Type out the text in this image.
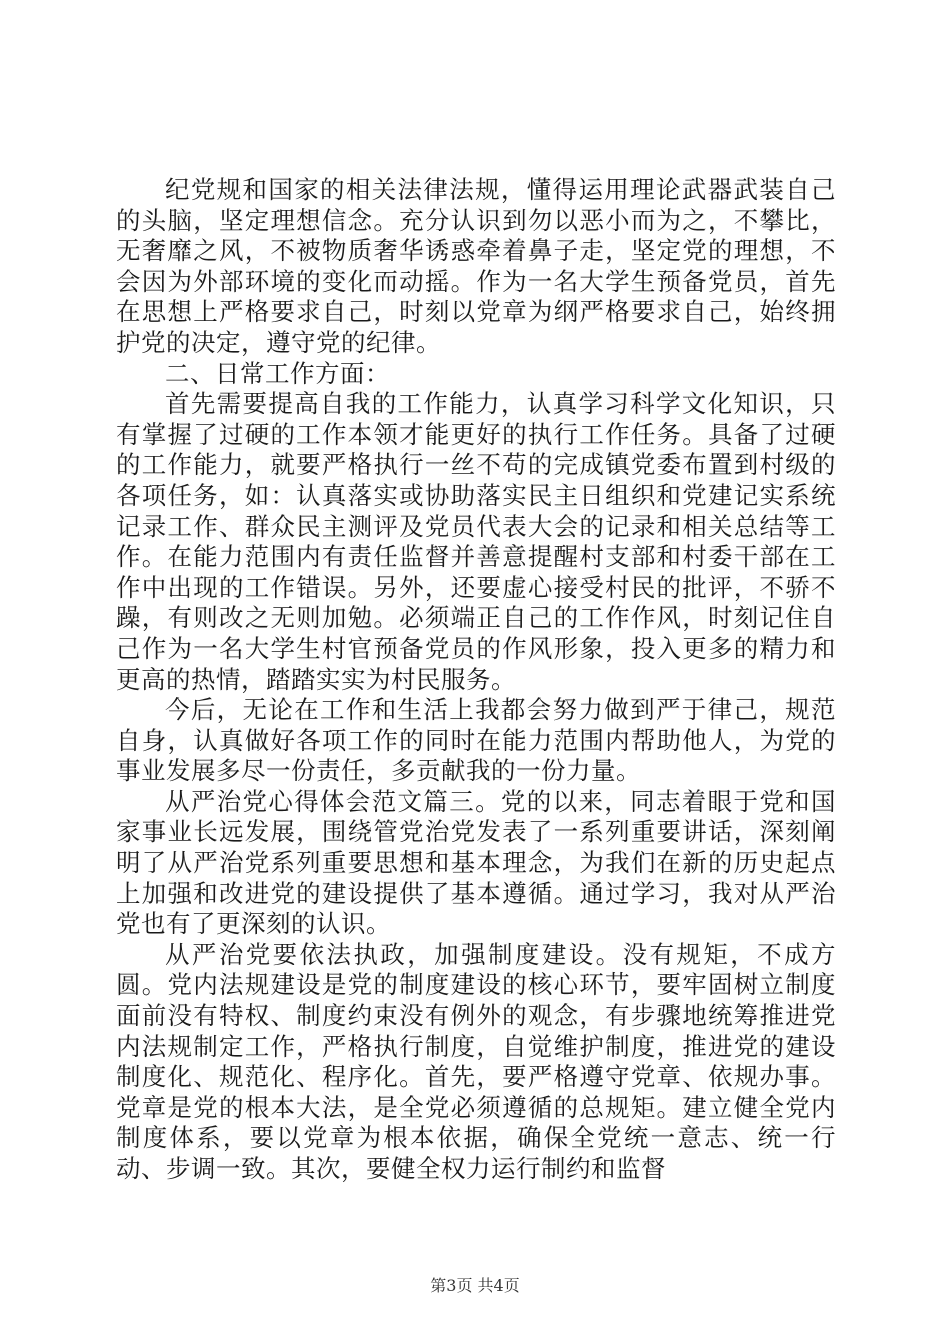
纪党规和国家的相关法律法规，懂得运用理论武器武装自己的头脑，坚定理想信念。充分认识到勿以恶小而为之，不攀比，无奢靡之风，不被物质奢华诱惑牵着鼻子走，坚定党的理想，不会因为外部环境的变化而动摇。作为一名大学生预备党员，首先在思想上严格要求自己，时刻以党章为纲严格要求自己，始终拥护党的决定，遵守党的纪律。

二、日常工作方面：

首先需要提高自我的工作能力，认真学习科学文化知识，只有掌握了过硬的工作本领才能更好的执行工作任务。具备了过硬的工作能力，就要严格执行一丝不苟的完成镇党委布置到村级的各项任务，如：认真落实或协助落实民主日组织和党建记实系统记录工作、群众民主测评及党员代表大会的记录和相关总结等工作。在能力范围内有责任监督并善意提醒村支部和村委干部在工作中出现的工作错误。另外，还要虚心接受村民的批评，不骄不躁，有则改之无则加勉。必须端正自己的工作作风，时刻记住自己作为一名大学生村官预备党员的作风形象，投入更多的精力和更高的热情，踏踏实实为村民服务。

今后，无论在工作和生活上我都会努力做到严于律己，规范自身，认真做好各项工作的同时在能力范围内帮助他人，为党的事业发展多尽一份责任，多贡献我的一份力量。

从严治党心得体会范文篇三。党的以来，同志着眼于党和国家事业长远发展，围绕管党治党发表了一系列重要讲话，深刻阐明了从严治党系列重要思想和基本理念，为我们在新的历史起点上加强和改进党的建设提供了基本遵循。通过学习，我对从严治党也有了更深刻的认识。

从严治党要依法执政，加强制度建设。没有规矩，不成方圆。党内法规建设是党的制度建设的核心环节，要牢固树立制度面前没有特权、制度约束没有例外的观念，有步骤地统筹推进党内法规制定工作，严格执行制度，自觉维护制度，推进党的建设制度化、规范化、程序化。首先，要严格遵守党章、依规办事。党章是党的根本大法，是全党必须遵循的总规矩。建立健全党内制度体系，要以党章为根本依据，确保全党统一意志、统一行动、步调一致。其次，要健全权力运行制约和监督

第3页 共4页
